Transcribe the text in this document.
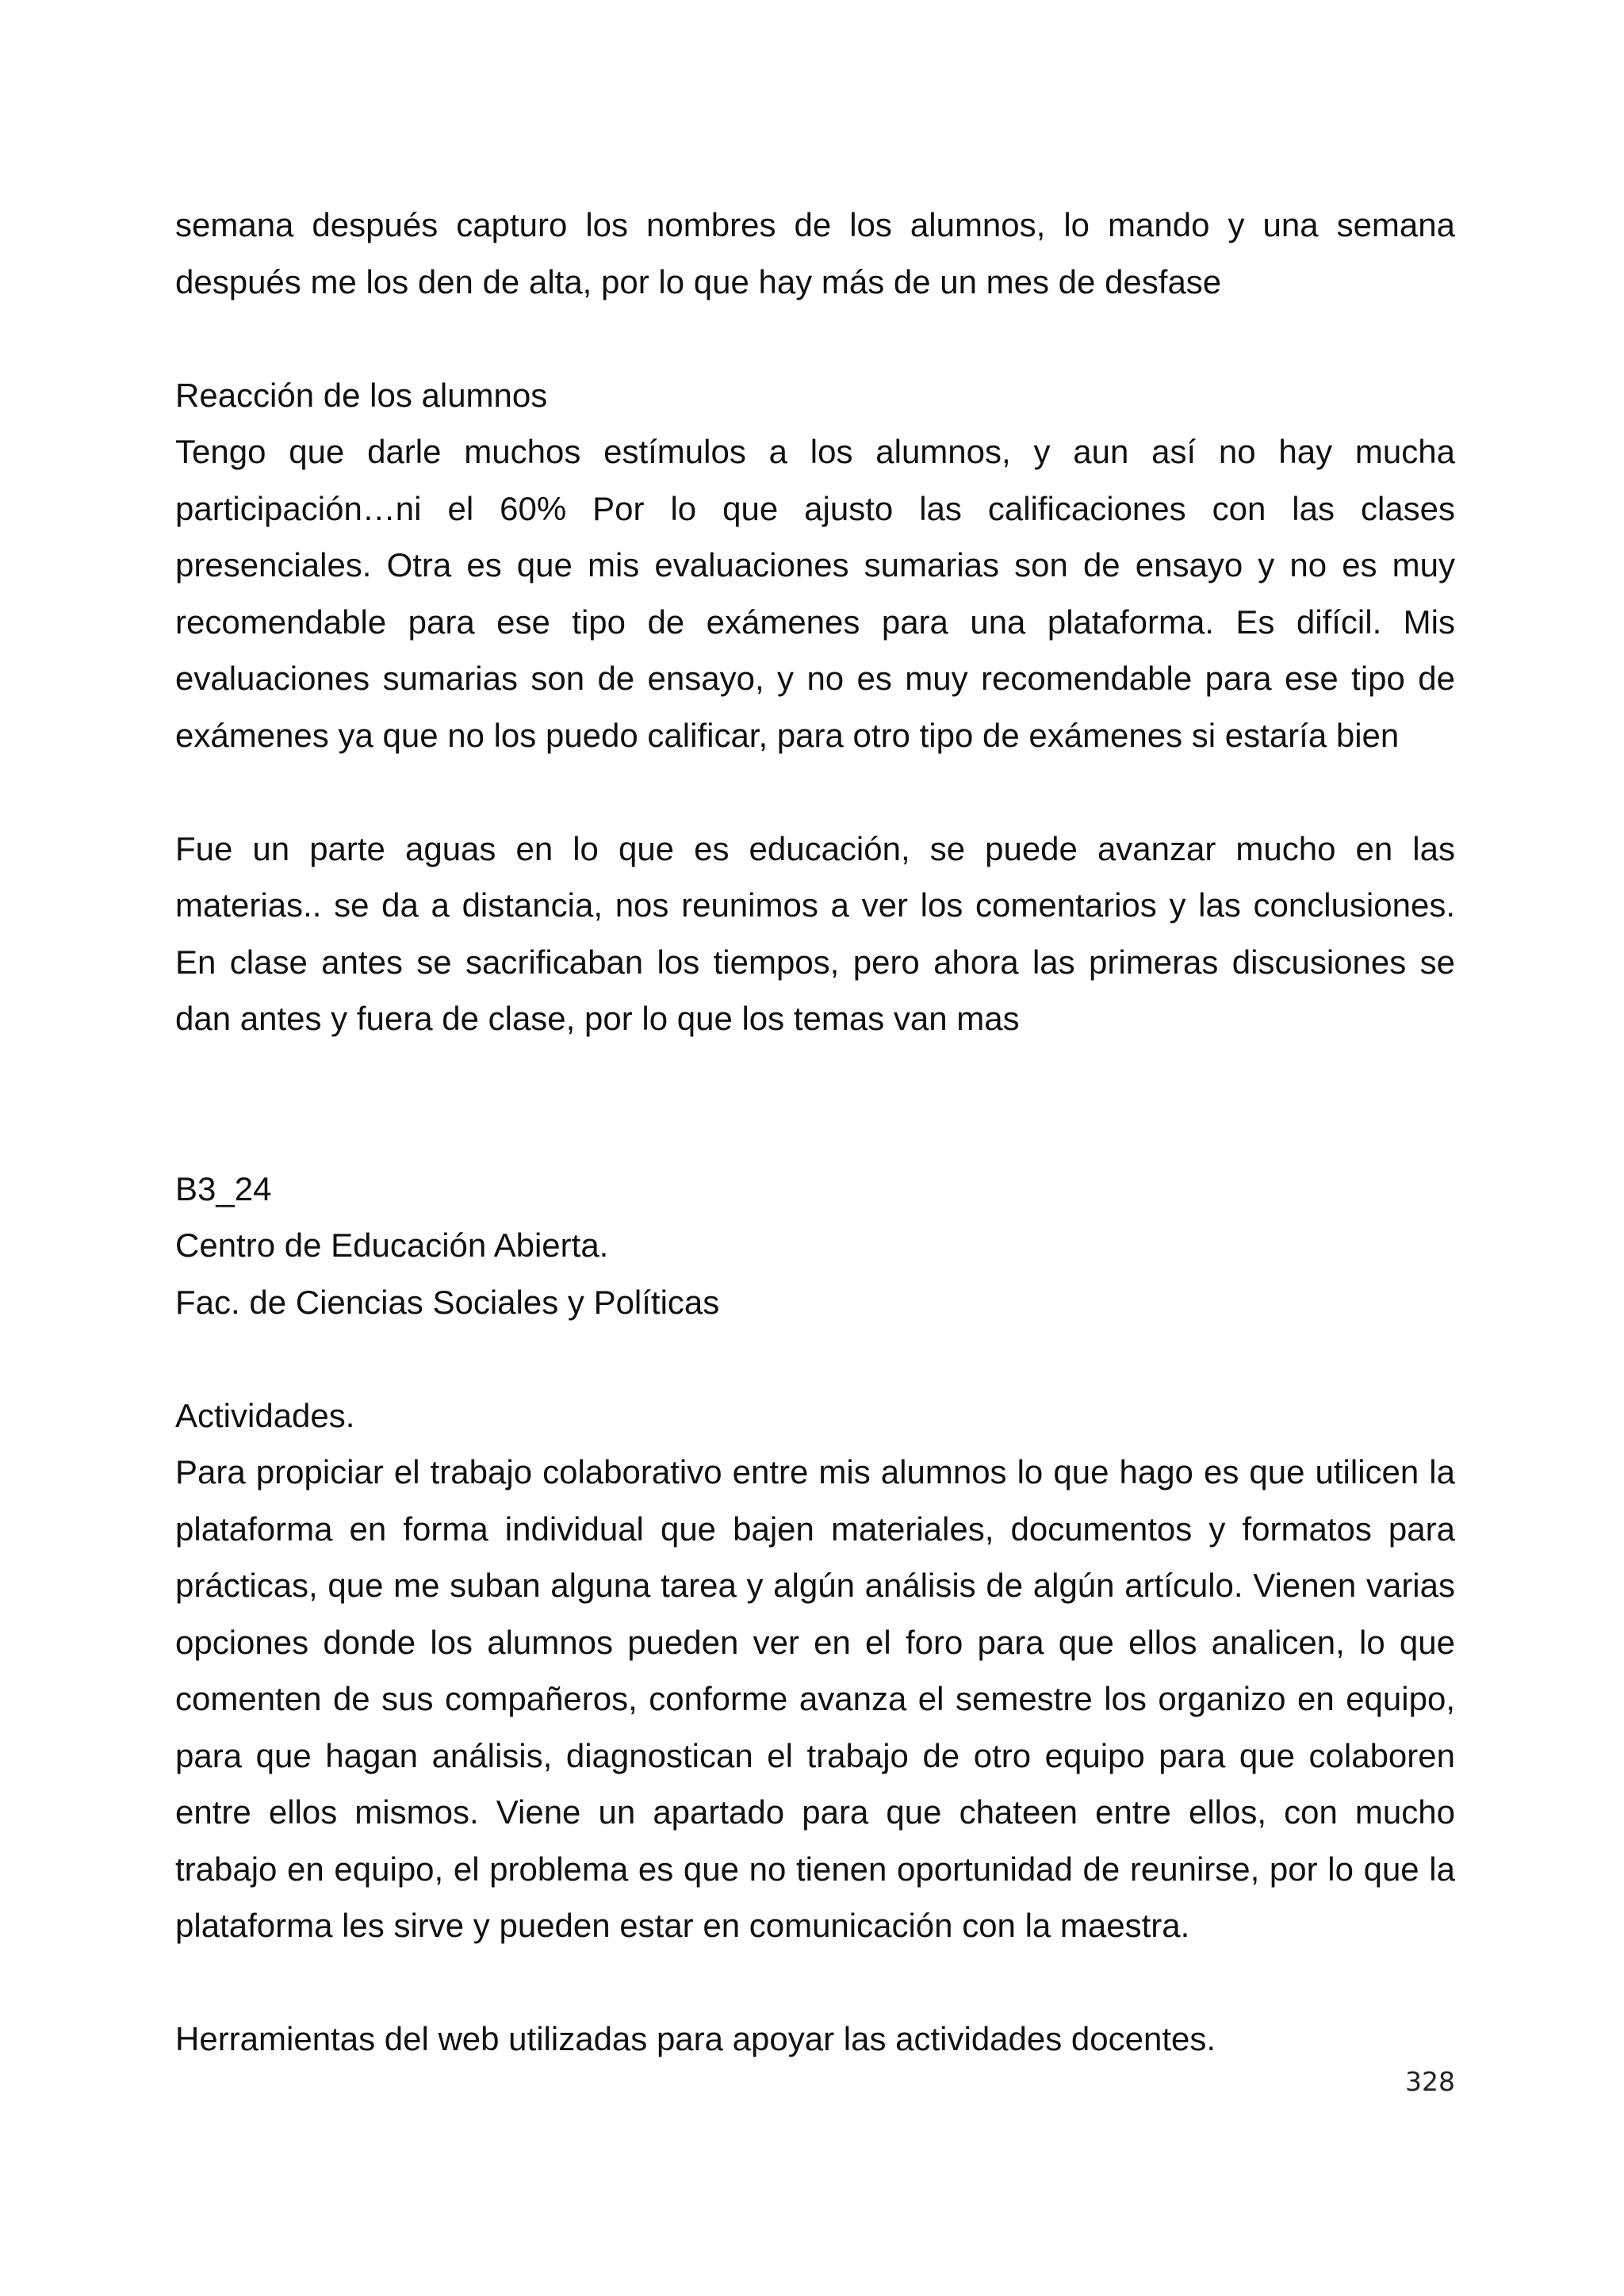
semana después capturo los nombres de los alumnos, lo mando y una semana después me los den de alta, por lo que hay más de un mes de desfase

Reacción de los alumnos

Tengo que darle muchos estímulos a los alumnos, y aun así no hay mucha participación…ni el 60% Por lo que ajusto las calificaciones con las clases presenciales. Otra es que mis evaluaciones sumarias son de ensayo y no es muy recomendable para ese tipo de exámenes para una plataforma. Es difícil. Mis evaluaciones sumarias son de ensayo, y no es muy recomendable para ese tipo de exámenes ya que no los puedo calificar, para otro tipo de exámenes si estaría bien

Fue un parte aguas en lo que es educación, se puede avanzar mucho en las materias.. se da a distancia, nos reunimos a ver los comentarios y las conclusiones. En clase antes se sacrificaban los tiempos, pero ahora las primeras discusiones se dan antes y fuera de clase, por lo que los temas van mas

B3_24

Centro de Educación Abierta.

Fac. de Ciencias Sociales y Políticas

Actividades.

Para propiciar el trabajo colaborativo entre mis alumnos lo que hago es que utilicen la plataforma en forma individual que bajen materiales, documentos y formatos para prácticas, que me suban alguna tarea y algún análisis de algún artículo. Vienen varias opciones donde los alumnos pueden ver en el foro para que ellos analicen, lo que comenten de sus compañeros, conforme avanza el semestre los organizo en equipo, para que hagan análisis, diagnostican el trabajo de otro equipo para que colaboren entre ellos mismos. Viene un apartado para que chateen entre ellos, con mucho trabajo en equipo, el problema es que no tienen oportunidad de reunirse, por lo que la plataforma les sirve y pueden estar en comunicación con la maestra.

Herramientas del web utilizadas para apoyar las actividades docentes.

328
